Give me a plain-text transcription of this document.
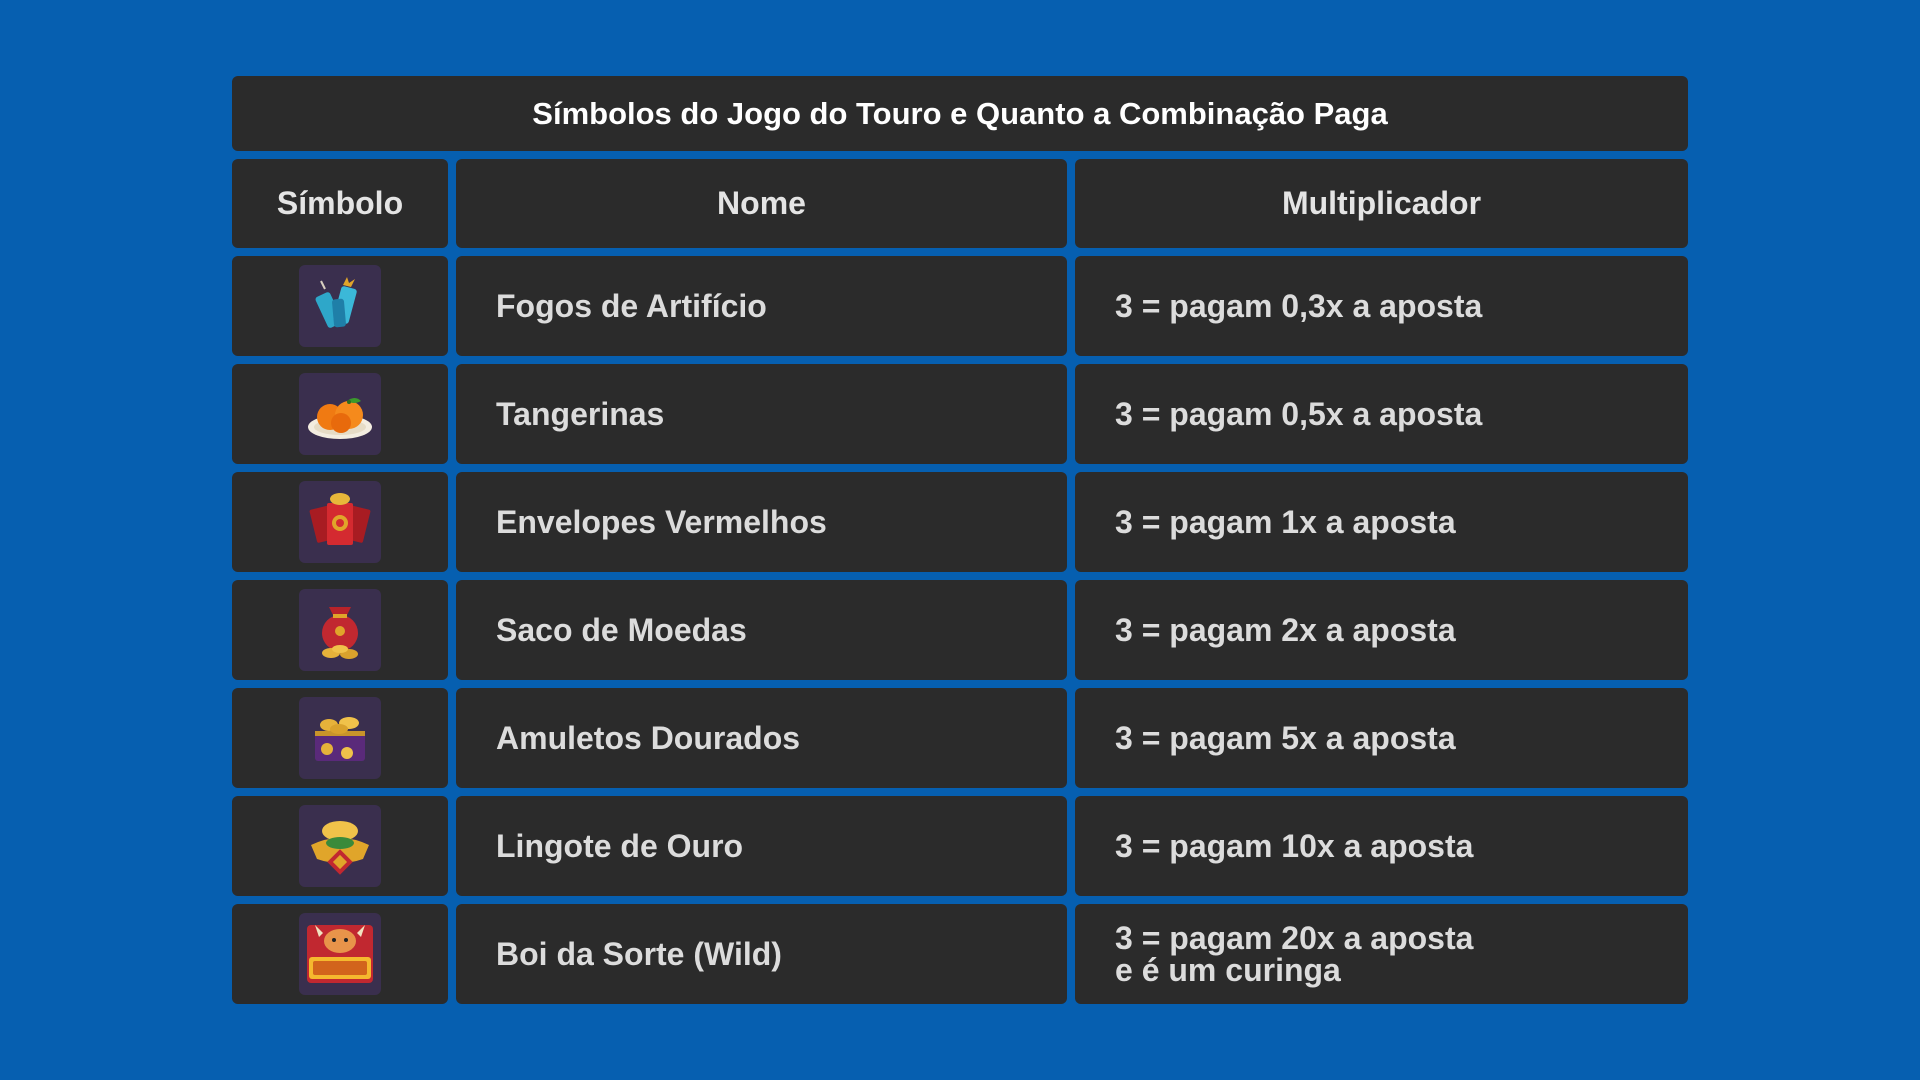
Símbolos do Jogo do Touro e Quanto a Combinação Paga
Símbolo	Nome	Multiplicador
Fogos de Artifício	3 = pagam 0,3x a aposta
Tangerinas	3 = pagam 0,5x a aposta
Envelopes Vermelhos	3 = pagam 1x a aposta
Saco de Moedas	3 = pagam 2x a aposta
Amuletos Dourados	3 = pagam 5x a aposta
Lingote de Ouro	3 = pagam 10x a aposta
Boi da Sorte (Wild)	3 = pagam 20x a aposta
e é um curinga
